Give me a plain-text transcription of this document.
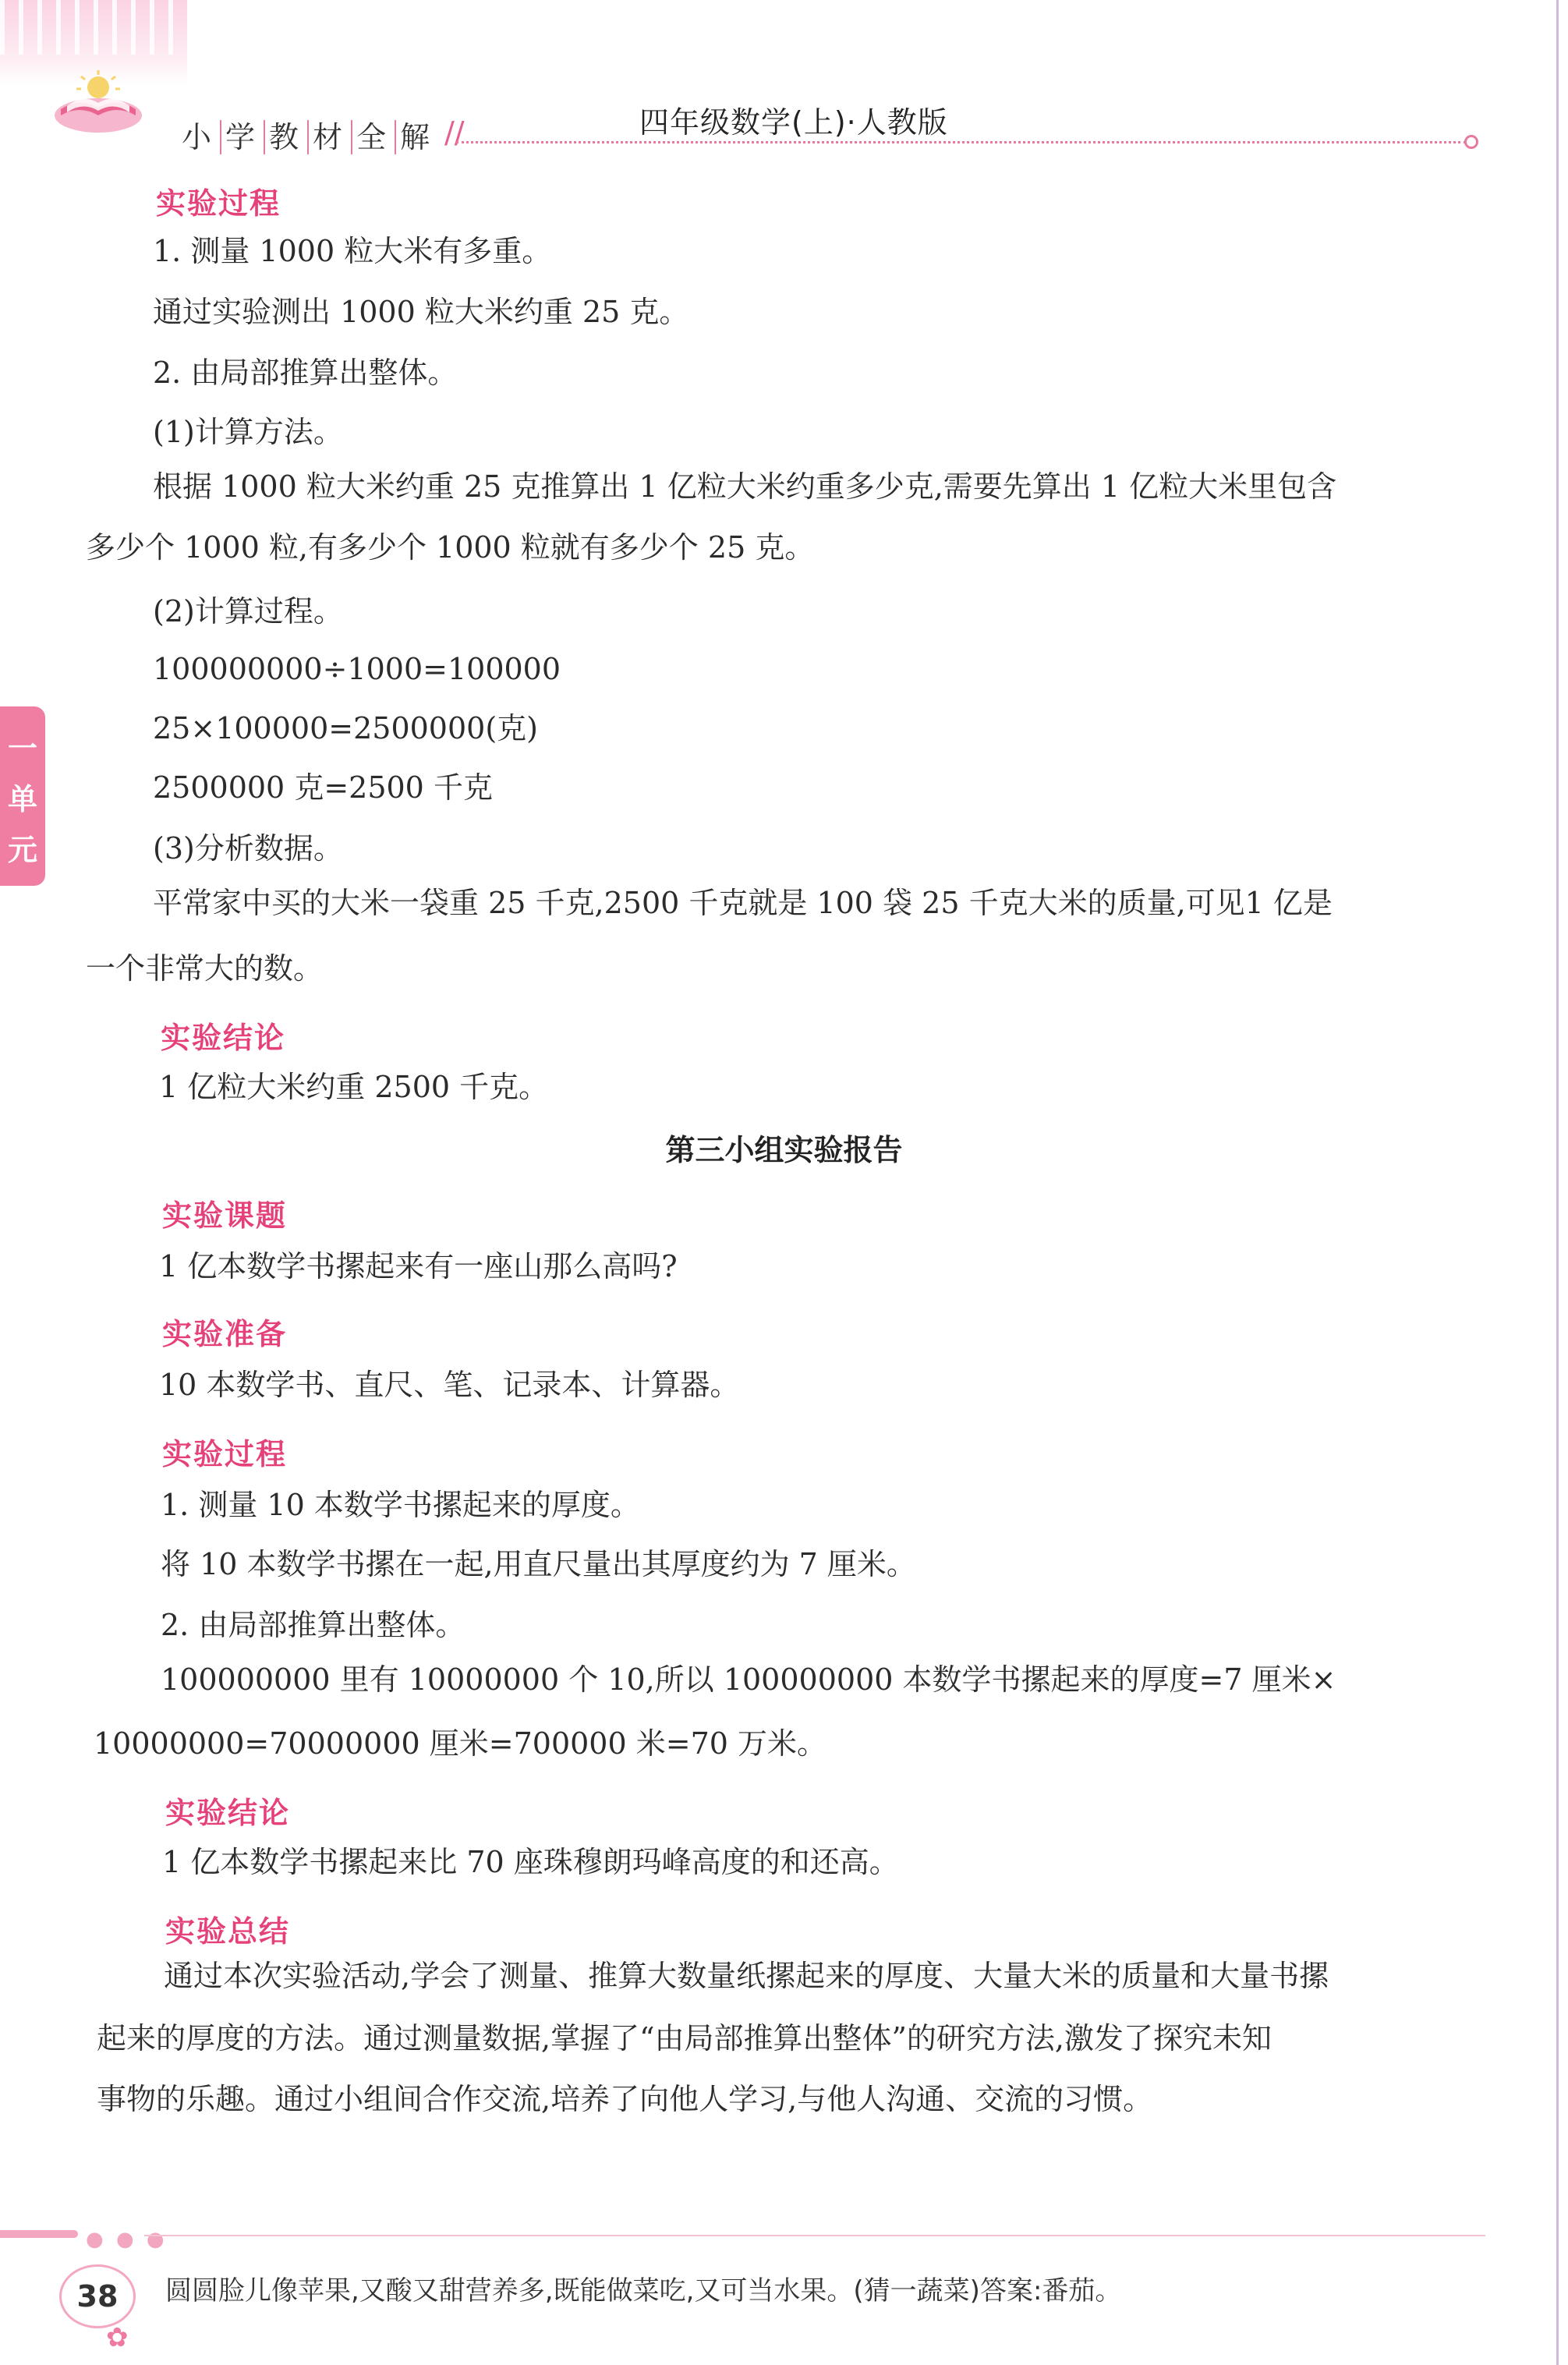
小 学 教 材 全 解 //	四年级数学(上)·人教版
一
单
元
实验过程
1. 测量 1000 粒大米有多重。
通过实验测出 1000 粒大米约重 25 克。
2. 由局部推算出整体。
(1)计算方法。
根据 1000 粒大米约重 25 克推算出 1 亿粒大米约重多少克,需要先算出 1 亿粒大米里包含
多少个 1000 粒,有多少个 1000 粒就有多少个 25 克。
(2)计算过程。
100000000÷1000=100000
25×100000=2500000(克)
2500000 克=2500 千克
(3)分析数据。
平常家中买的大米一袋重 25 千克,2500 千克就是 100 袋 25 千克大米的质量,可见1 亿是
一个非常大的数。
实验结论
1 亿粒大米约重 2500 千克。
第三小组实验报告
实验课题
1 亿本数学书摞起来有一座山那么高吗?
实验准备
10 本数学书、直尺、笔、记录本、计算器。
实验过程
1. 测量 10 本数学书摞起来的厚度。
将 10 本数学书摞在一起,用直尺量出其厚度约为 7 厘米。
2. 由局部推算出整体。
100000000 里有 10000000 个 10,所以 100000000 本数学书摞起来的厚度=7 厘米×
10000000=70000000 厘米=700000 米=70 万米。
实验结论
1 亿本数学书摞起来比 70 座珠穆朗玛峰高度的和还高。
实验总结
通过本次实验活动,学会了测量、推算大数量纸摞起来的厚度、大量大米的质量和大量书摞
起来的厚度的方法。通过测量数据,掌握了“由局部推算出整体”的研究方法,激发了探究未知
事物的乐趣。通过小组间合作交流,培养了向他人学习,与他人沟通、交流的习惯。
● ● ●
38
✿
圆圆脸儿像苹果,又酸又甜营养多,既能做菜吃,又可当水果。(猜一蔬菜)答案:番茄。
